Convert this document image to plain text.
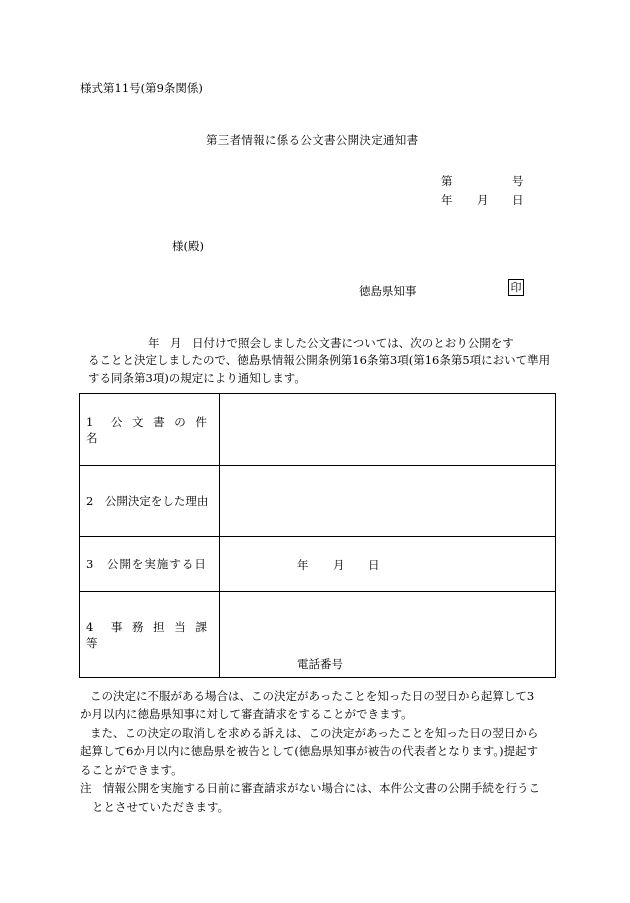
様式第11号(第9条関係)
第三者情報に係る公文書公開決定通知書
第	号
年 月 日
様(殿)
徳島県知事	印
年 月 日付けで照会しました公文書については、次のとおり公開をす
ることと決定しましたので、徳島県情報公開条例第16条第3項(第16条第5項において準用
する同条第3項)の規定により通知します。
1　公 文 書 の 件 名	
2　公開決定をした理由	
3　公開を実施する日	年 月 日

4　事 務 担 当 課 等	電話番号
この決定に不服がある場合は、この決定があったことを知った日の翌日から起算して3
か月以内に徳島県知事に対して審査請求をすることができます。
また、この決定の取消しを求める訴えは、この決定があったことを知った日の翌日から
起算して6か月以内に徳島県を被告として(徳島県知事が被告の代表者となります。)提起す
ることができます。
注　情報公開を実施する日前に審査請求がない場合には、本件公文書の公開手続を行うこ
ととさせていただきます。
